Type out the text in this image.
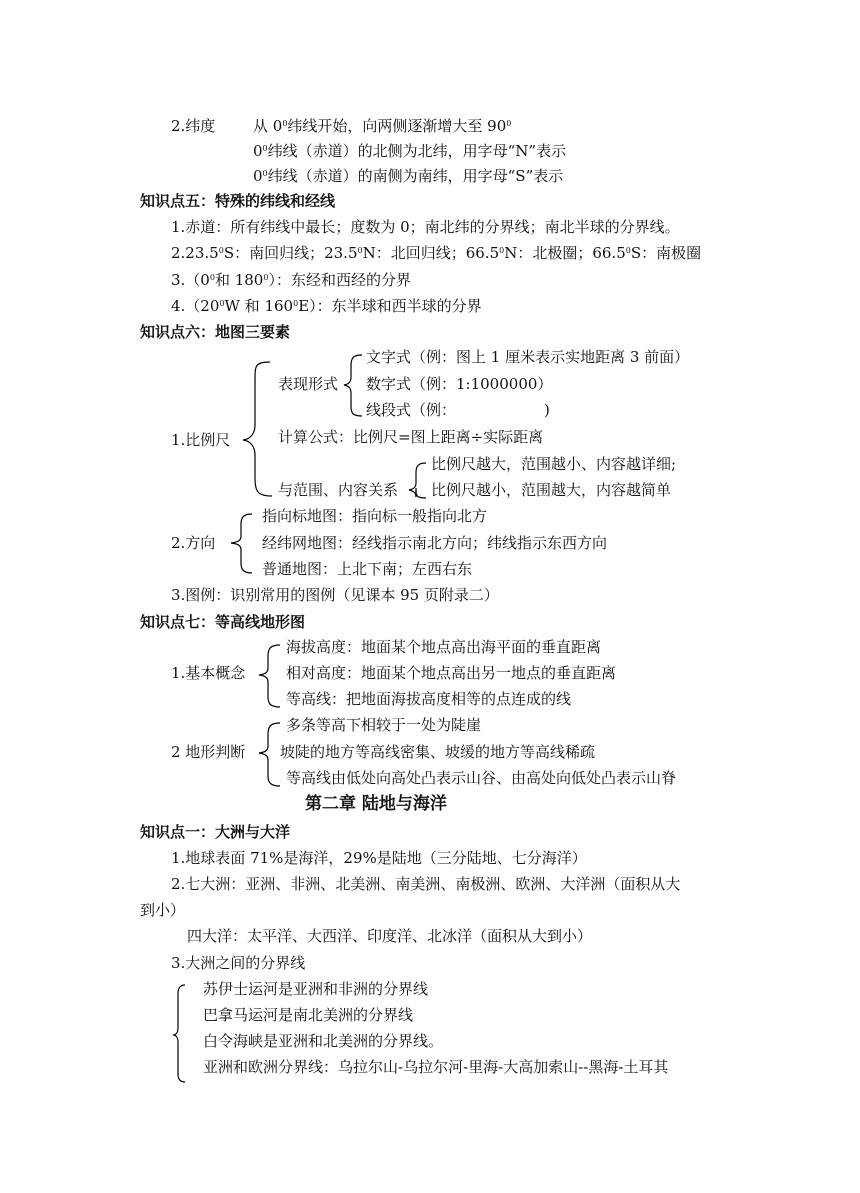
2.纬度	从 $0^0$纬线开始，向两侧逐渐增大至 $90^0$
$0^0$纬线（赤道）的北侧为北纬，用字母“N”表示
$0^0$纬线（赤道）的南侧为南纬，用字母“S”表示
知识点五：特殊的纬线和经线
1.赤道：所有纬线中最长；度数为 0；南北纬的分界线；南北半球的分界线。
2.23.5$^0$S：南回归线；23.5$^0$N：北回归线；66.5$^0$N：北极圈；66.5$^0$S：南极圈
$3.(0^0$和 $180^0$）：东经和西经的分界
$4.(20^0W$ 和 $160^0E$）：东半球和西半球的分界
知识点六：地图三要素
文字式（例：图上 1 厘米表示实地距离 3 前面）
表现形式 数字式（例：1:1000000）
线段式（例：	)
1.比例尺	计算公式：比例尺=图上距离÷实际距离
比例尺越大，范围越小、内容越详细;
与范围、内容关系 比例尺越小，范围越大，内容越简单
指向标地图：指向标一般指向北方
2.方向	经纬网地图：经线指示南北方向；纬线指示东西方向
普通地图：上北下南；左西右东
3.图例：识别常用的图例（见课本 95 页附录二）
知识点七：等高线地形图
海拔高度：地面某个地点高出海平面的垂直距离
1.基本概念	相对高度：地面某个地点高出另一地点的垂直距离
等高线：把地面海拔高度相等的点连成的线
多条等高下相较于一处为陡崖
2 地形判断 坡陡的地方等高线密集、坡缓的地方等高线稀疏
等高线由低处向高处凸表示山谷、由高处向低处凸表示山脊
第二章 陆地与海洋
知识点一：大洲与大洋
1.地球表面 71%是海洋，29%是陆地（三分陆地、七分海洋）
2.七大洲：亚洲、非洲、北美洲、南美洲、南极洲、欧洲、大洋洲（面积从大
到小）
四大洋：太平洋、大西洋、印度洋、北冰洋（面积从大到小）
3.大洲之间的分界线
苏伊士运河是亚洲和非洲的分界线
巴拿马运河是南北美洲的分界线
白令海峡是亚洲和北美洲的分界线。
亚洲和欧洲分界线：乌拉尔山-乌拉尔河-里海-大高加索山--黑海-土耳其
